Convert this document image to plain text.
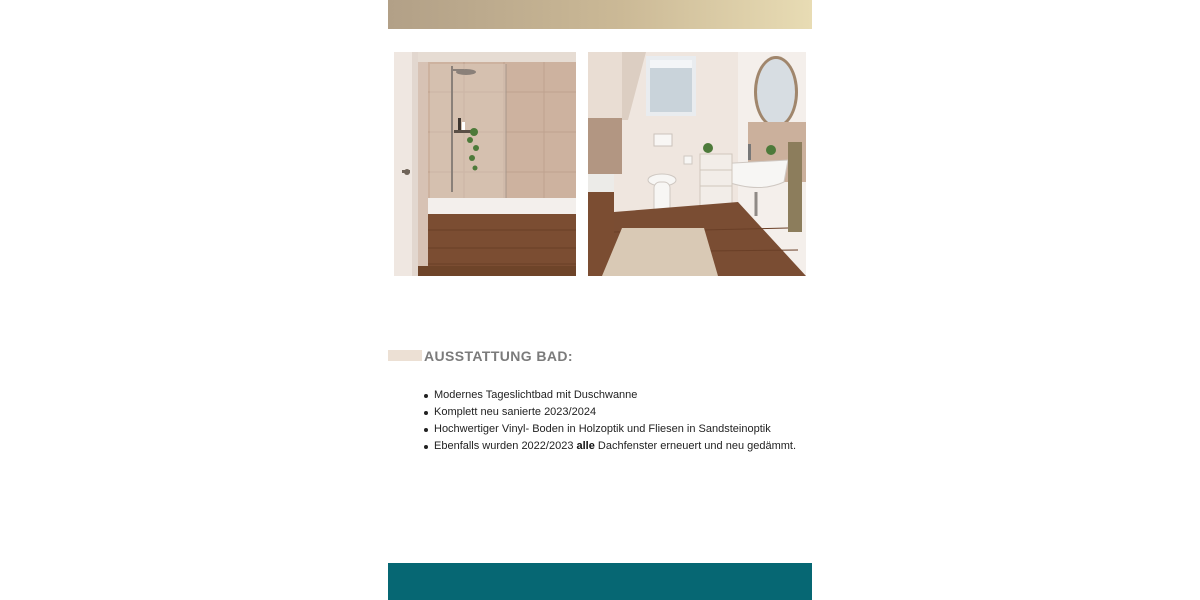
AUSSTATTUNG BAD:
Modernes Tageslichtbad mit Duschwanne
Komplett neu sanierte 2023/2024
Hochwertiger Vinyl- Boden in Holzoptik und Fliesen in Sandsteinoptik
Ebenfalls wurden 2022/2023 alle Dachfenster erneuert und neu gedämmt.
